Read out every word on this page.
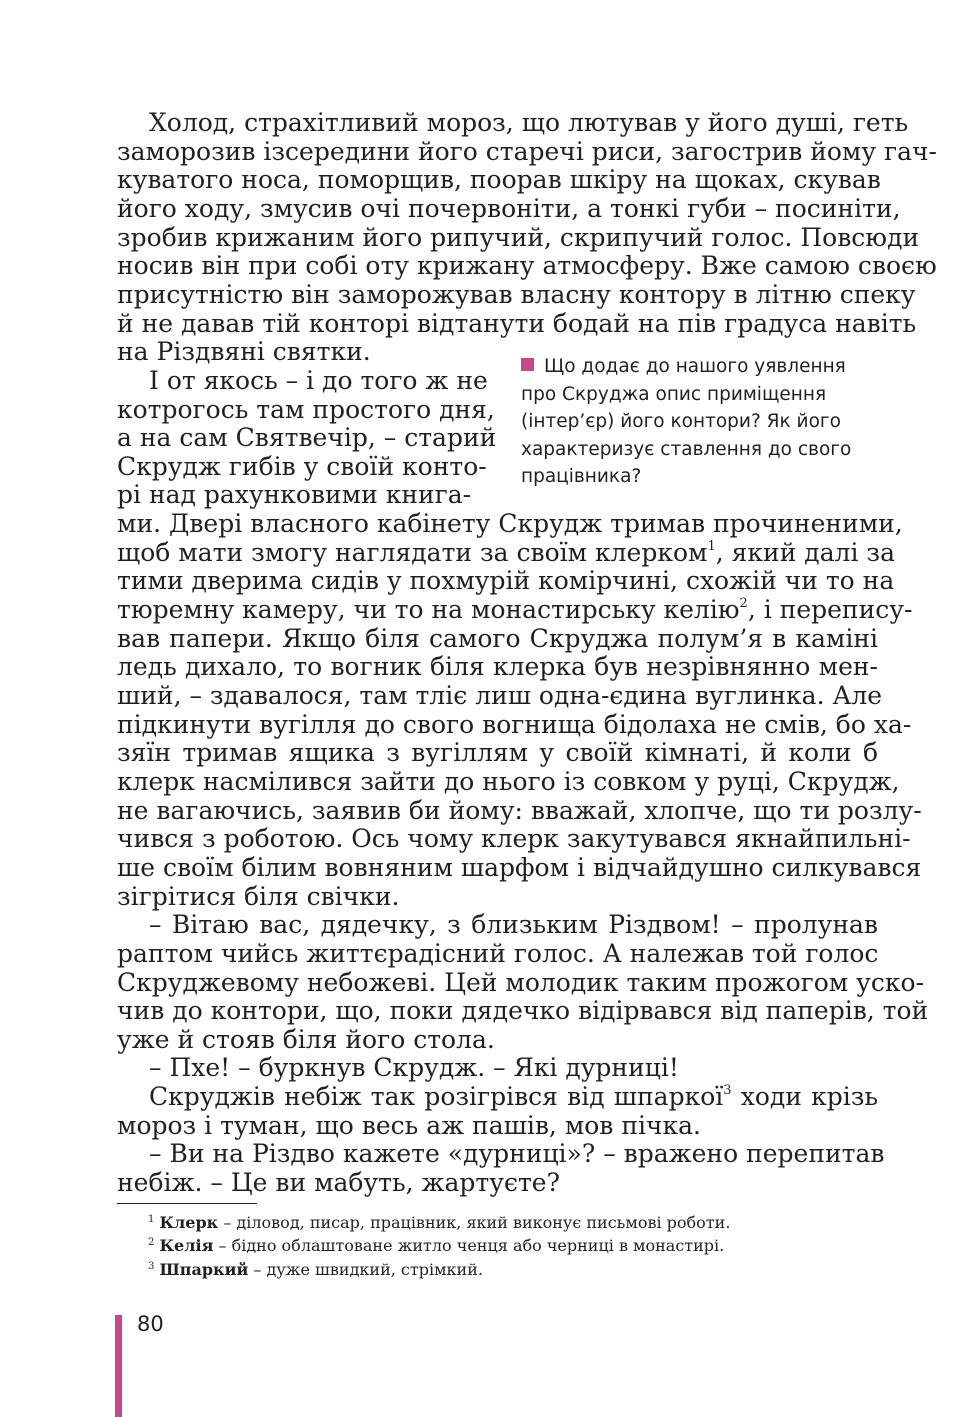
Холод, страхітливий мороз, що лютував у його душі, геть
заморозив ізсередини його старечі риси, загострив йому гач-
куватого носа, поморщив, поорав шкіру на щоках, скував
його ходу, змусив очі почервоніти, а тонкі губи – посиніти,
зробив крижаним його рипучий, скрипучий голос. Повсюди
носив він при собі оту крижану атмосферу. Вже самою своєю
присутністю він заморожував власну контору в літню спеку
й не давав тій конторі відтанути бодай на пів градуса навіть
на Різдвяні святки.
І от якось – і до того ж не
котрогось там простого дня,
а на сам Святвечір, – старий
Скрудж гибів у своїй конто-
рі над рахунковими книга-
ми. Двері власного кабінету Скрудж тримав прочиненими,
щоб мати змогу наглядати за своїм клерком$^1$, який далі за
тими дверима сидів у похмурій комірчині, схожій чи то на
тюремну камеру, чи то на монастирську келію$^2$, і перепису-
вав папери. Якщо біля самого Скруджа полум’я в каміні
ледь дихало, то вогник біля клерка був незрівнянно мен-
ший, – здавалося, там тліє лиш одна-єдина вуглинка. Але
підкинути вугілля до свого вогнища бідолаха не смів, бо ха-
зяїн тримав ящика з вугіллям у своїй кімнаті, й коли б
клерк насмілився зайти до нього із совком у руці, Скрудж,
не вагаючись, заявив би йому: вважай, хлопче, що ти розлу-
чився з роботою. Ось чому клерк закутувався якнайпильні-
ше своїм білим вовняним шарфом і відчайдушно силкувався
зігрітися біля свічки.
– Вітаю вас, дядечку, з близьким Різдвом! – пролунав
раптом чийсь життєрадісний голос. А належав той голос
Скруджевому небожеві. Цей молодик таким прожогом уско-
чив до контори, що, поки дядечко відірвався від паперів, той
уже й стояв біля його стола.
– Пхе! – буркнув Скрудж. – Які дурниці!
Скруджів небіж так розігрівся від шпаркої$^3$ ходи крізь
мороз і туман, що весь аж пашів, мов пічка.
– Ви на Різдво кажете «дурниці»? – вражено перепитав
небіж. – Це ви мабуть, жартуєте?
Що додає до нашого уявлення
про Скруджа опис приміщення
(інтер’єр) його контори? Як його
характеризує ставлення до свого
працівника?
$^1$ Клерк – діловод, писар, працівник, який виконує письмові роботи.
$^2$ Келія – бідно облаштоване житло ченця або черниці в монастирі.
$^3$ Шпаркий – дуже швидкий, стрімкий.
80
